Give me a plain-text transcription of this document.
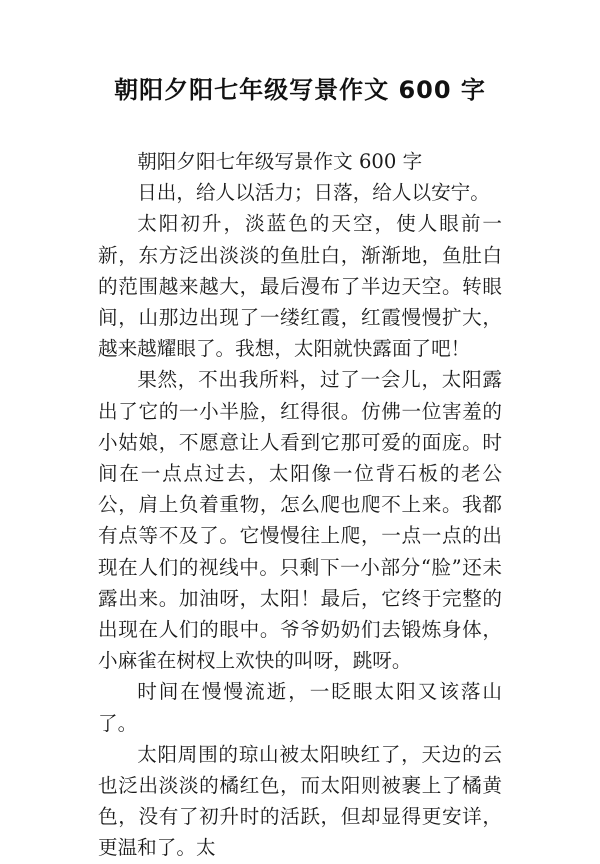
朝阳夕阳七年级写景作文 600 字

朝阳夕阳七年级写景作文 600 字

日出，给人以活力；日落，给人以安宁。

太阳初升，淡蓝色的天空，使人眼前一新，东方泛出淡淡的鱼肚白，渐渐地，鱼肚白的范围越来越大，最后漫布了半边天空。转眼间，山那边出现了一缕红霞，红霞慢慢扩大，越来越耀眼了。我想，太阳就快露面了吧！

果然，不出我所料，过了一会儿，太阳露出了它的一小半脸，红得很。仿佛一位害羞的小姑娘，不愿意让人看到它那可爱的面庞。时间在一点点过去，太阳像一位背石板的老公公，肩上负着重物，怎么爬也爬不上来。我都有点等不及了。它慢慢往上爬，一点一点的出现在人们的视线中。只剩下一小部分“脸”还未露出来。加油呀，太阳！最后，它终于完整的出现在人们的眼中。爷爷奶奶们去锻炼身体，小麻雀在树杈上欢快的叫呀，跳呀。

时间在慢慢流逝，一眨眼太阳又该落山了。

太阳周围的琼山被太阳映红了，天边的云也泛出淡淡的橘红色，而太阳则被裹上了橘黄色，没有了初升时的活跃，但却显得更安详，更温和了。太
